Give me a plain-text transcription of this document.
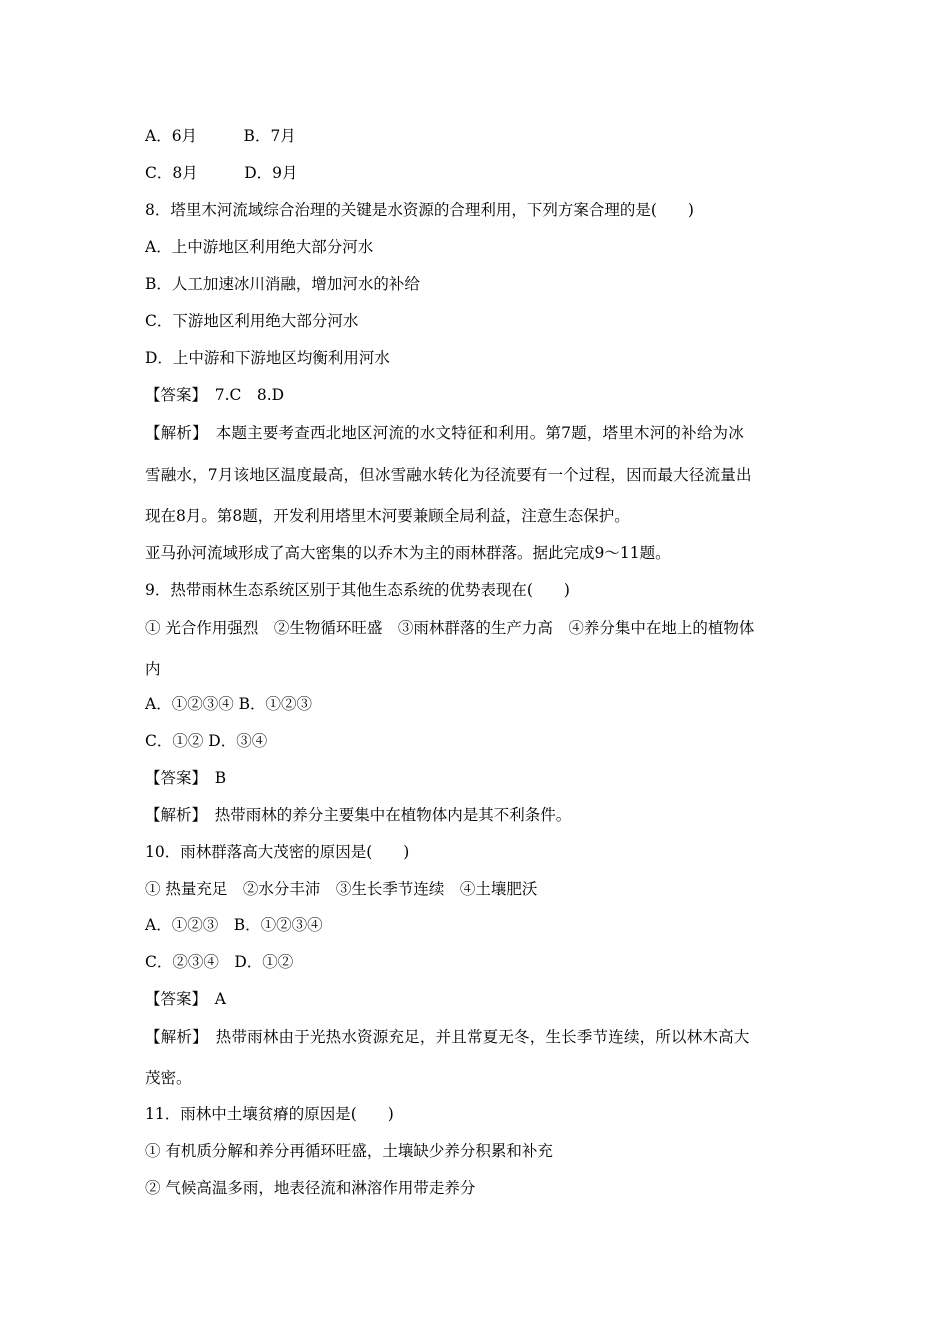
A．6月　　　B．7月
C．8月　　　D．9月
8．塔里木河流域综合治理的关键是水资源的合理利用，下列方案合理的是(　　)
A．上中游地区利用绝大部分河水
B．人工加速冰川消融，增加河水的补给
C．下游地区利用绝大部分河水
D．上中游和下游地区均衡利用河水
【答案】　7.C　8.D
【解析】　本题主要考查西北地区河流的水文特征和利用。第7题，塔里木河的补给为冰
雪融水，7月该地区温度最高，但冰雪融水转化为径流要有一个过程，因而最大径流量出
现在8月。第8题，开发利用塔里木河要兼顾全局利益，注意生态保护。
亚马孙河流域形成了高大密集的以乔木为主的雨林群落。据此完成9～11题。
9．热带雨林生态系统区别于其他生态系统的优势表现在(　　)
① 光合作用强烈　②生物循环旺盛　③雨林群落的生产力高　④养分集中在地上的植物体
内
A．①②③④ B．①②③
C．①② D．③④
【答案】　B
【解析】　热带雨林的养分主要集中在植物体内是其不利条件。
10．雨林群落高大茂密的原因是(　　)
① 热量充足　②水分丰沛　③生长季节连续　④土壤肥沃
A．①②③　B．①②③④
C．②③④　D．①②
【答案】　A
【解析】　热带雨林由于光热水资源充足，并且常夏无冬，生长季节连续，所以林木高大
茂密。
11．雨林中土壤贫瘠的原因是(　　)
① 有机质分解和养分再循环旺盛，土壤缺少养分积累和补充
② 气候高温多雨，地表径流和淋溶作用带走养分
